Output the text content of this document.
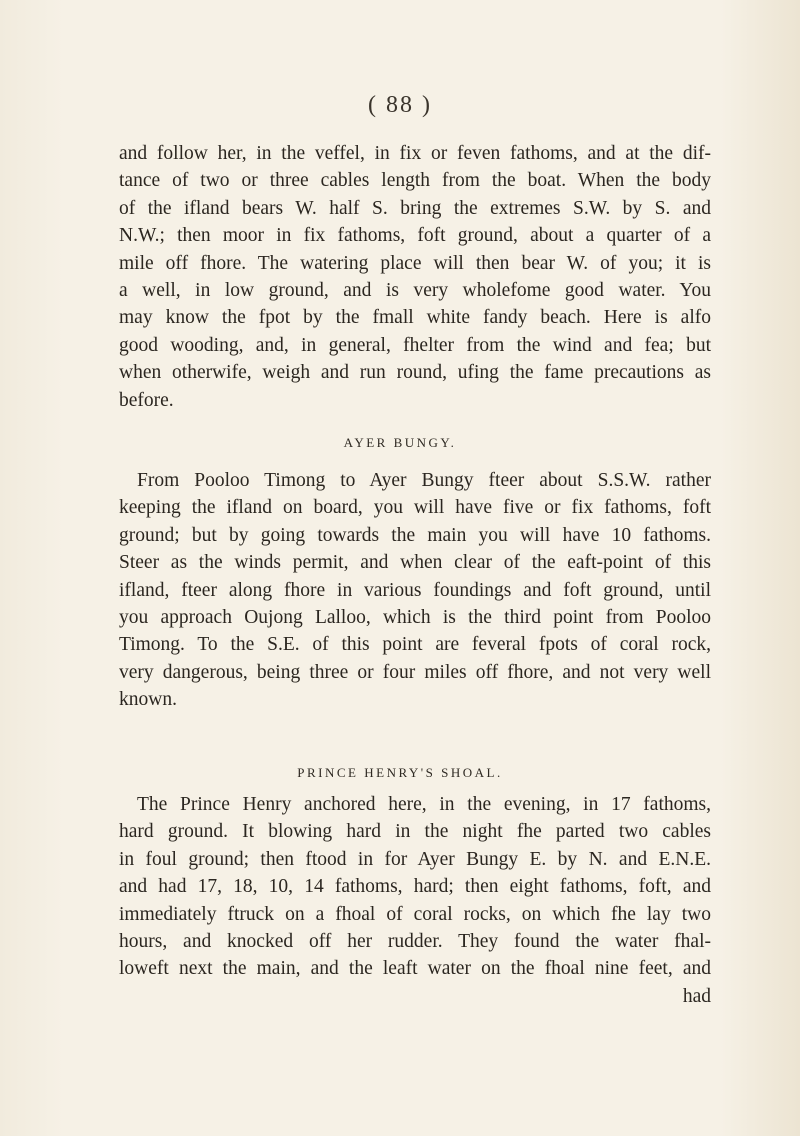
( 88 )
and follow her, in the veffel, in fix or feven fathoms, and at the dif-
tance of two or three cables length from the boat. When the body
of the ifland bears W. half S. bring the extremes S.W. by S. and
N.W.; then moor in fix fathoms, foft ground, about a quarter of a
mile off fhore. The watering place will then bear W. of you; it is
a well, in low ground, and is very wholefome good water. You
may know the fpot by the fmall white fandy beach. Here is alfo
good wooding, and, in general, fhelter from the wind and fea; but
when otherwife, weigh and run round, ufing the fame precautions as
before.
AYER BUNGY.
From Pooloo Timong to Ayer Bungy fteer about S.S.W. rather
keeping the ifland on board, you will have five or fix fathoms, foft
ground; but by going towards the main you will have 10 fathoms.
Steer as the winds permit, and when clear of the eaft-point of this
ifland, fteer along fhore in various foundings and foft ground, until
you approach Oujong Lalloo, which is the third point from Pooloo
Timong. To the S.E. of this point are feveral fpots of coral rock,
very dangerous, being three or four miles off fhore, and not very well
known.
PRINCE HENRY'S SHOAL.
The Prince Henry anchored here, in the evening, in 17 fathoms,
hard ground. It blowing hard in the night fhe parted two cables
in foul ground; then ftood in for Ayer Bungy E. by N. and E.N.E.
and had 17, 18, 10, 14 fathoms, hard; then eight fathoms, foft, and
immediately ftruck on a fhoal of coral rocks, on which fhe lay two
hours, and knocked off her rudder. They found the water fhal-
loweft next the main, and the leaft water on the fhoal nine feet, and
had
